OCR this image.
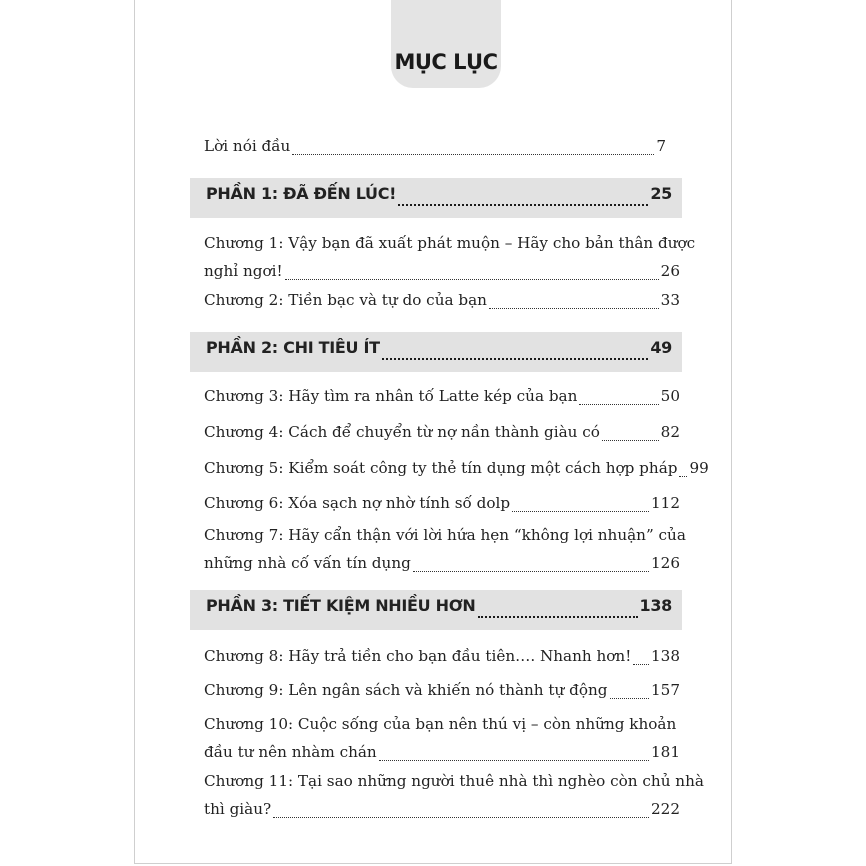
MỤC LỤC
Lời nói đầu	7
PHẦN 1: ĐÃ ĐẾN LÚC!	25
Chương 1: Vậy bạn đã xuất phát muộn – Hãy cho bản thân được
nghỉ ngơi!	26
Chương 2: Tiền bạc và tự do của bạn	33
PHẦN 2: CHI TIÊU ÍT	49
Chương 3: Hãy tìm ra nhân tố Latte kép của bạn	50
Chương 4: Cách để chuyển từ nợ nần thành giàu có	82
Chương 5: Kiểm soát công ty thẻ tín dụng một cách hợp pháp 99
Chương 6: Xóa sạch nợ nhờ tính số dolp	112
Chương 7: Hãy cẩn thận với lời hứa hẹn “không lợi nhuận” của
những nhà cố vấn tín dụng	126
PHẦN 3: TIẾT KIỆM NHIỀU HƠN	138
Chương 8: Hãy trả tiền cho bạn đầu tiên…. Nhanh hơn! 138
Chương 9: Lên ngân sách và khiến nó thành tự động	157
Chương 10: Cuộc sống của bạn nên thú vị – còn những khoản
đầu tư nên nhàm chán	181
Chương 11: Tại sao những người thuê nhà thì nghèo còn chủ nhà
thì giàu?	222
